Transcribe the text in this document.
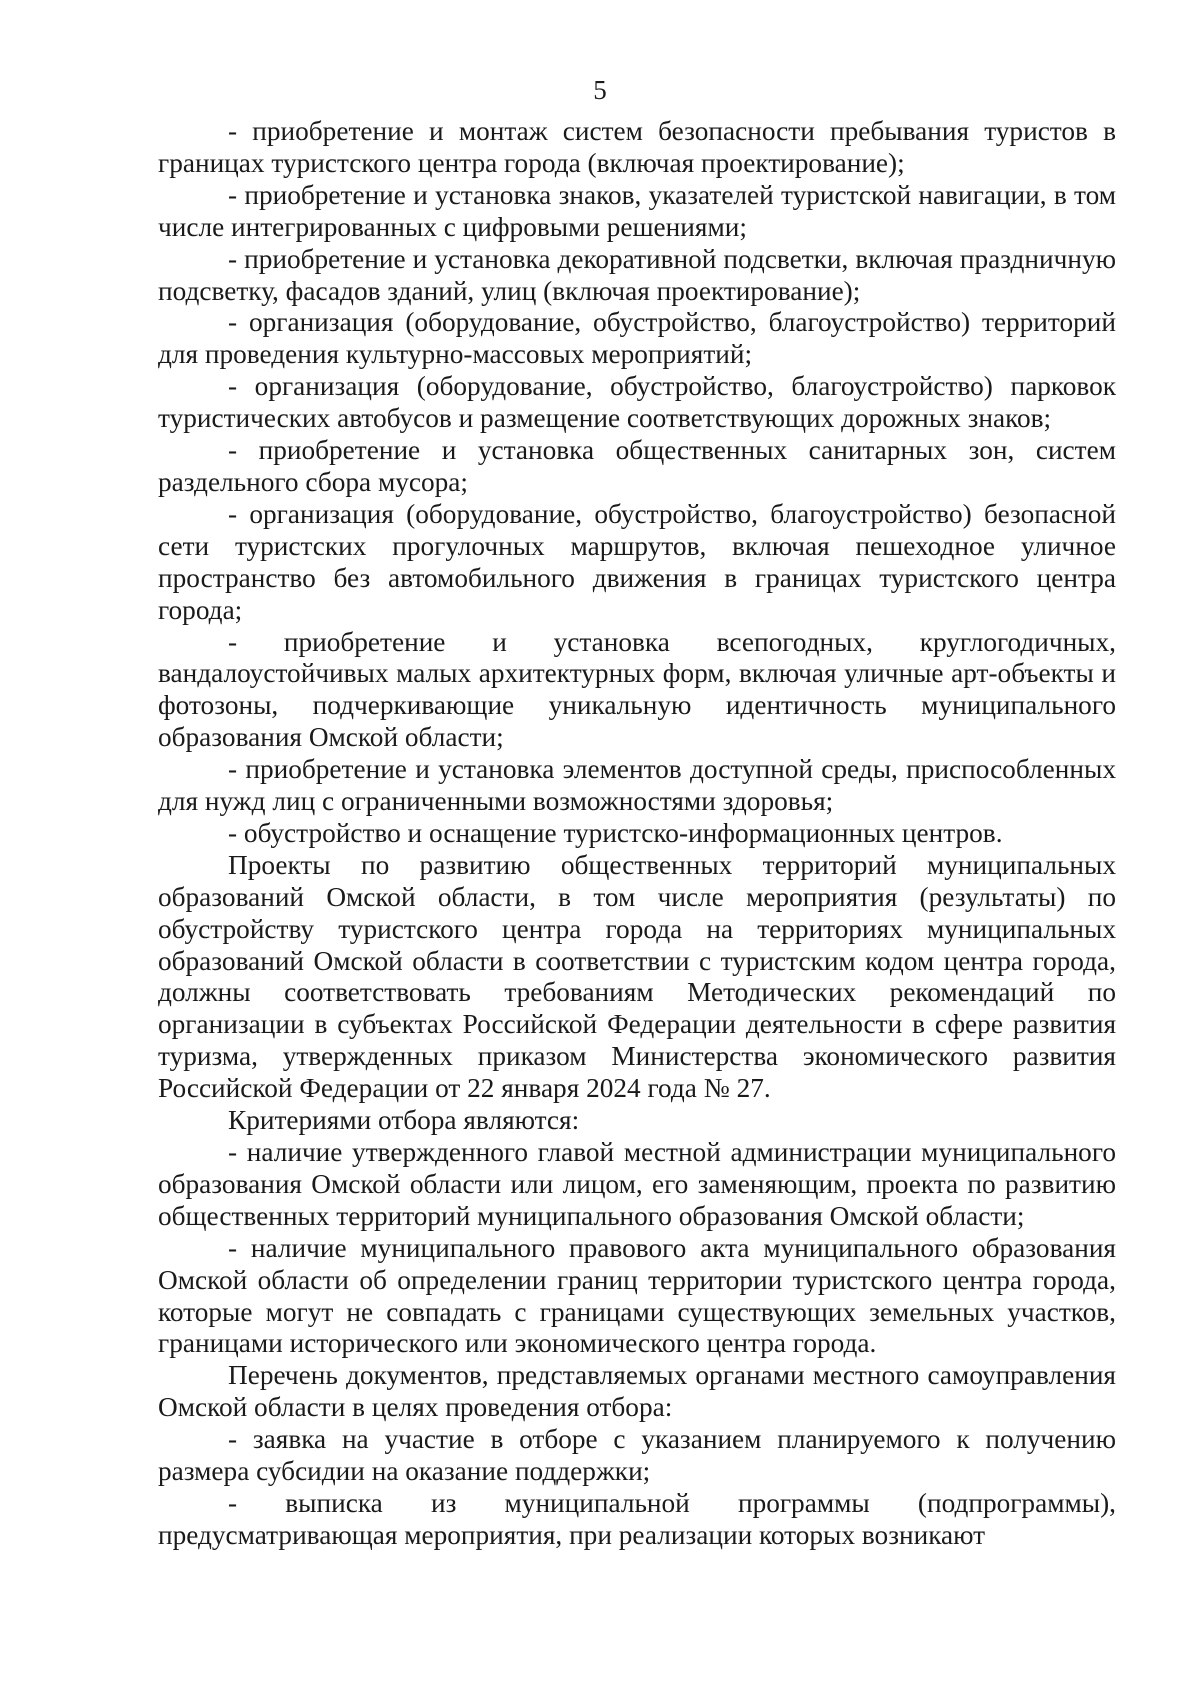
5

- приобретение и монтаж систем безопасности пребывания туристов в границах туристского центра города (включая проектирование);

- приобретение и установка знаков, указателей туристской навигации, в том числе интегрированных с цифровыми решениями;

- приобретение и установка декоративной подсветки, включая праздничную подсветку, фасадов зданий, улиц (включая проектирование);

- организация (оборудование, обустройство, благоустройство) территорий для проведения культурно-массовых мероприятий;

- организация (оборудование, обустройство, благоустройство) парковок туристических автобусов и размещение соответствующих дорожных знаков;

- приобретение и установка общественных санитарных зон, систем раздельного сбора мусора;

- организация (оборудование, обустройство, благоустройство) безопасной сети туристских прогулочных маршрутов, включая пешеходное уличное пространство без автомобильного движения в границах туристского центра города;

- приобретение и установка всепогодных, круглогодичных, вандалоустойчивых малых архитектурных форм, включая уличные арт-объекты и фотозоны, подчеркивающие уникальную идентичность муниципального образования Омской области;

- приобретение и установка элементов доступной среды, приспособленных для нужд лиц с ограниченными возможностями здоровья;

- обустройство и оснащение туристско-информационных центров.

Проекты по развитию общественных территорий муниципальных образований Омской области, в том числе мероприятия (результаты) по обустройству туристского центра города на территориях муниципальных образований Омской области в соответствии с туристским кодом центра города, должны соответствовать требованиям Методических рекомендаций по организации в субъектах Российской Федерации деятельности в сфере развития туризма, утвержденных приказом Министерства экономического развития Российской Федерации от 22 января 2024 года № 27.

Критериями отбора являются:

- наличие утвержденного главой местной администрации муниципального образования Омской области или лицом, его заменяющим, проекта по развитию общественных территорий муниципального образования Омской области;

- наличие муниципального правового акта муниципального образования Омской области об определении границ территории туристского центра города, которые могут не совпадать с границами существующих земельных участков, границами исторического или экономического центра города.

Перечень документов, представляемых органами местного самоуправления Омской области в целях проведения отбора:

- заявка на участие в отборе с указанием планируемого к получению размера субсидии на оказание поддержки;

- выписка из муниципальной программы (подпрограммы), предусматривающая мероприятия, при реализации которых возникают
